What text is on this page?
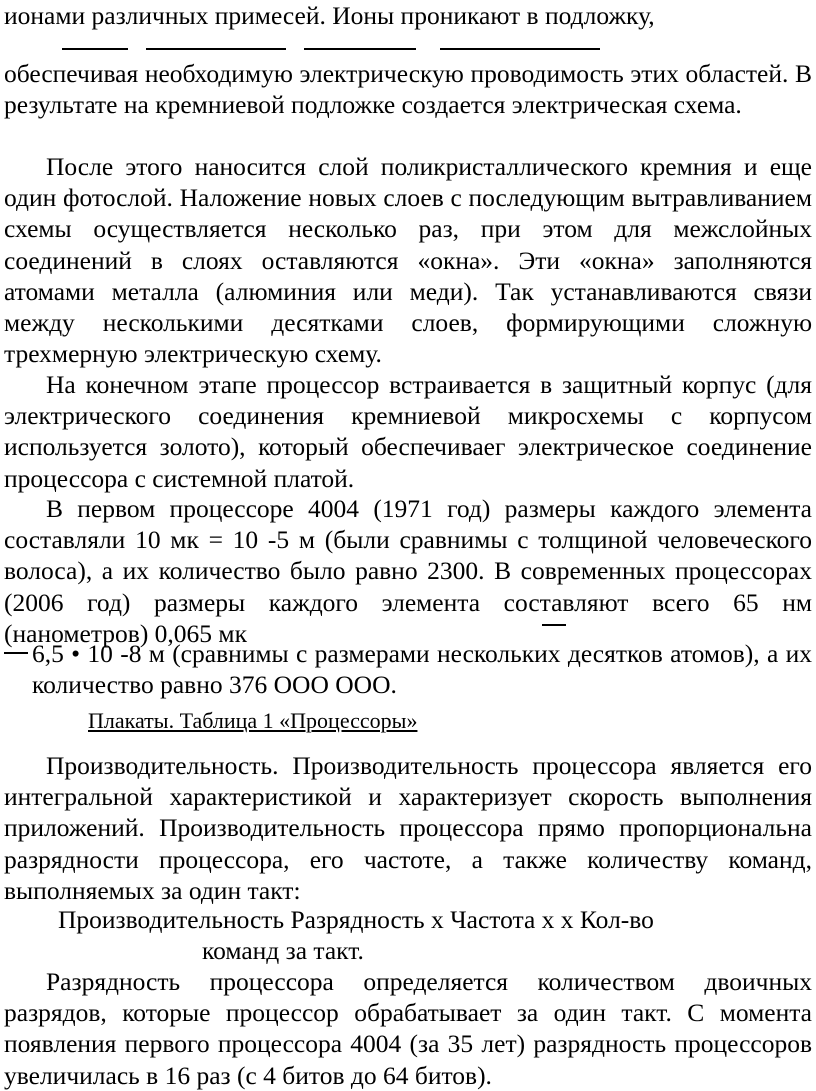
ионами различных примесей. Ионы проникают в подложку,

обеспечивая необходимую электрическую проводимость этих областей. В результате на кремниевой подложке создается электрическая схема.

После этого наносится слой поликристаллического кремния и еще один фотослой. Наложение новых слоев с последующим вытравливанием схемы осуществляется несколько раз, при этом для межслойных соединений в слоях оставляются «окна». Эти «окна» заполняются атомами металла (алюминия или меди). Так устанавливаются связи между несколькими десятками слоев, формирующими сложную трехмерную электрическую схему.

На конечном этапе процессор встраивается в защитный корпус (для электрического соединения кремниевой микросхемы с корпусом используется золото), который обеспечиваег электрическое соединение процессора с системной платой.

В первом процессоре 4004 (1971 год) размеры каждого элемента составляли 10 мк = 10 -5 м (были сравнимы с толщиной человеческого волоса), а их количество было равно 2300. В современных процессорах (2006 год) размеры каждого элемента составляют всего 65 нм (нанометров) 0,065 мк

6,5 • 10 -8 м (сравнимы с размерами нескольких десятков атомов), а их количество равно 376 ООО ООО.

Плакаты. Таблица 1 «Процессоры»

Производительность. Производительность процессора является его интегральной характеристикой и характеризует скорость выполнения приложений. Производительность процессора прямо пропорциональна разрядности процессора, его частоте, а также количеству команд, выполняемых за один такт:

Производительность Разрядность х Частота х х Кол-во
команд за такт.

Разрядность процессора определяется количеством двоичных разрядов, которые процессор обрабатывает за один такт. С момента появления первого процессора 4004 (за 35 лет) разрядность процессоров увеличилась в 16 раз (с 4 битов до 64 битов).
